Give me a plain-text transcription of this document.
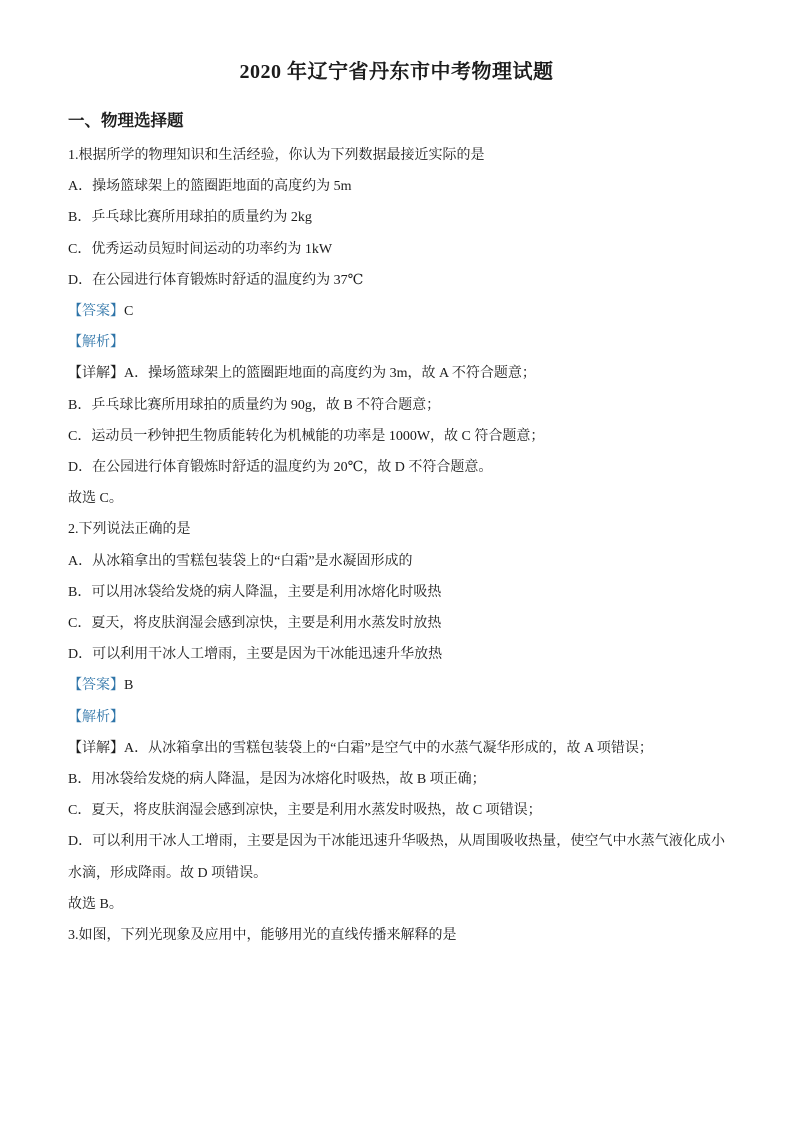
2020 年辽宁省丹东市中考物理试题
一、物理选择题

1.根据所学的物理知识和生活经验，你认为下列数据最接近实际的是

A．操场篮球架上的篮圈距地面的高度约为 5m

B．乒乓球比赛所用球拍的质量约为 2kg

C．优秀运动员短时间运动的功率约为 1kW

D．在公园进行体育锻炼时舒适的温度约为 37℃

【答案】C

【解析】

【详解】A．操场篮球架上的篮圈距地面的高度约为 3m，故 A 不符合题意；

B．乒乓球比赛所用球拍的质量约为 90g，故 B 不符合题意；

C．运动员一秒钟把生物质能转化为机械能的功率是 1000W，故 C 符合题意；

D．在公园进行体育锻炼时舒适的温度约为 20℃，故 D 不符合题意。

故选 C。

2.下列说法正确的是

A．从冰箱拿出的雪糕包装袋上的“白霜”是水凝固形成的

B．可以用冰袋给发烧的病人降温，主要是利用冰熔化时吸热

C．夏天，将皮肤润湿会感到凉快，主要是利用水蒸发时放热

D．可以利用干冰人工增雨，主要是因为干冰能迅速升华放热

【答案】B

【解析】

【详解】A．从冰箱拿出的雪糕包装袋上的“白霜”是空气中的水蒸气凝华形成的，故 A 项错误；

B．用冰袋给发烧的病人降温，是因为冰熔化时吸热，故 B 项正确；

C．夏天，将皮肤润湿会感到凉快，主要是利用水蒸发时吸热，故 C 项错误；

D．可以利用干冰人工增雨，主要是因为干冰能迅速升华吸热，从周围吸收热量，使空气中水蒸气液化成小水滴，形成降雨。故 D 项错误。

故选 B。

3.如图，下列光现象及应用中，能够用光的直线传播来解释的是
